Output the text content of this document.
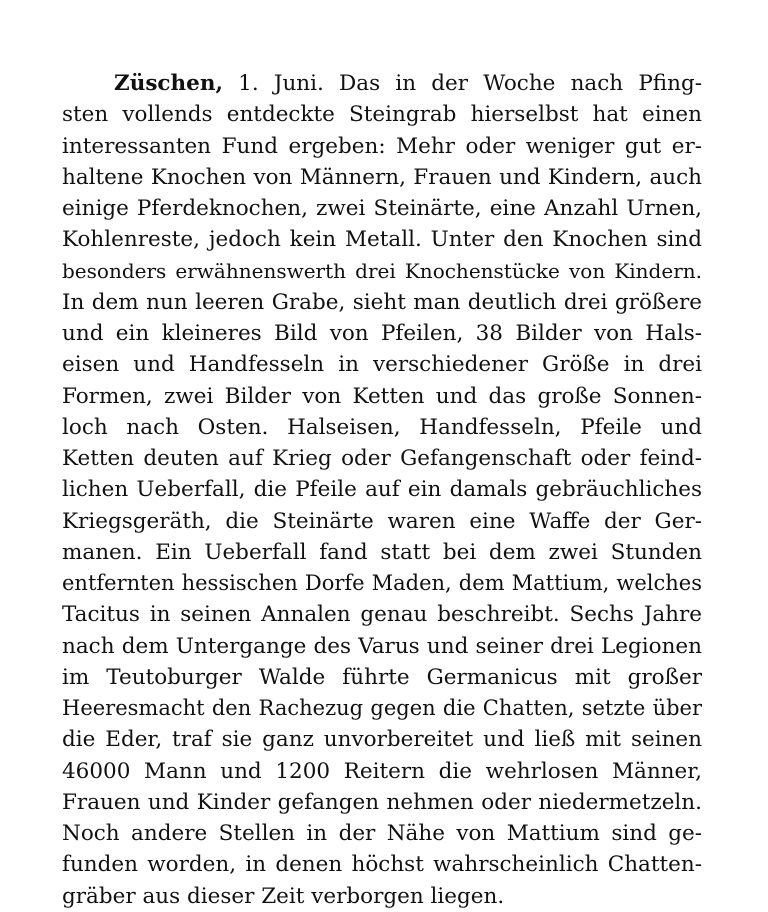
Züschen, 1. Juni. Das in der Woche nach Pfing-
sten vollends entdeckte Steingrab hierselbst hat einen
interessanten Fund ergeben: Mehr oder weniger gut er-
haltene Knochen von Männern, Frauen und Kindern, auch
einige Pferdeknochen, zwei Steinärte, eine Anzahl Urnen,
Kohlenreste, jedoch kein Metall. Unter den Knochen sind
besonders erwähnenswerth drei Knochenstücke von Kindern.
In dem nun leeren Grabe, sieht man deutlich drei größere
und ein kleineres Bild von Pfeilen, 38 Bilder von Hals-
eisen und Handfesseln in verschiedener Größe in drei
Formen, zwei Bilder von Ketten und das große Sonnen-
loch nach Osten. Halseisen, Handfesseln, Pfeile und
Ketten deuten auf Krieg oder Gefangenschaft oder feind-
lichen Ueberfall, die Pfeile auf ein damals gebräuchliches
Kriegsgeräth, die Steinärte waren eine Waffe der Ger-
manen. Ein Ueberfall fand statt bei dem zwei Stunden
entfernten hessischen Dorfe Maden, dem Mattium, welches
Tacitus in seinen Annalen genau beschreibt. Sechs Jahre
nach dem Untergange des Varus und seiner drei Legionen
im Teutoburger Walde führte Germanicus mit großer
Heeresmacht den Rachezug gegen die Chatten, setzte über
die Eder, traf sie ganz unvorbereitet und ließ mit seinen
46000 Mann und 1200 Reitern die wehrlosen Männer,
Frauen und Kinder gefangen nehmen oder niedermetzeln.
Noch andere Stellen in der Nähe von Mattium sind ge-
funden worden, in denen höchst wahrscheinlich Chatten-
gräber aus dieser Zeit verborgen liegen.
